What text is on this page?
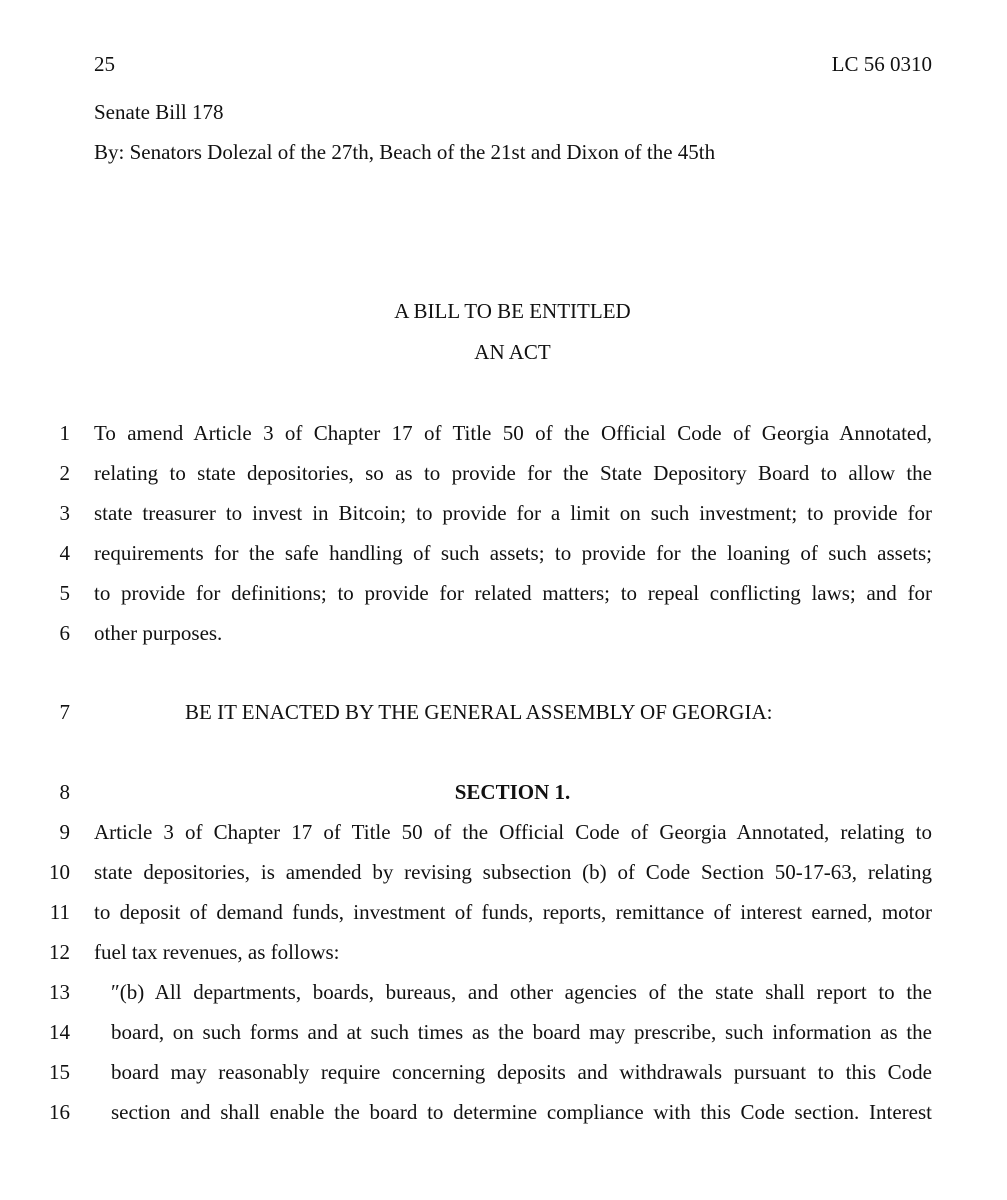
25	LC 56 0310
Senate Bill 178
By: Senators Dolezal of the 27th, Beach of the 21st and Dixon of the 45th
A BILL TO BE ENTITLED
AN ACT
1 To amend Article 3 of Chapter 17 of Title 50 of the Official Code of Georgia Annotated,
2 relating to state depositories, so as to provide for the State Depository Board to allow the
3 state treasurer to invest in Bitcoin; to provide for a limit on such investment; to provide for
4 requirements for the safe handling of such assets; to provide for the loaning of such assets;
5 to provide for definitions; to provide for related matters; to repeal conflicting laws; and for
6 other purposes.
7	BE IT ENACTED BY THE GENERAL ASSEMBLY OF GEORGIA:
8	SECTION 1.
9 Article 3 of Chapter 17 of Title 50 of the Official Code of Georgia Annotated, relating to
10 state depositories, is amended by revising subsection (b) of Code Section 50-17-63, relating
11 to deposit of demand funds, investment of funds, reports, remittance of interest earned, motor
12 fuel tax revenues, as follows:
13 ″(b) All departments, boards, bureaus, and other agencies of the state shall report to the
14 board, on such forms and at such times as the board may prescribe, such information as the
15 board may reasonably require concerning deposits and withdrawals pursuant to this Code
16 section and shall enable the board to determine compliance with this Code section. Interest
